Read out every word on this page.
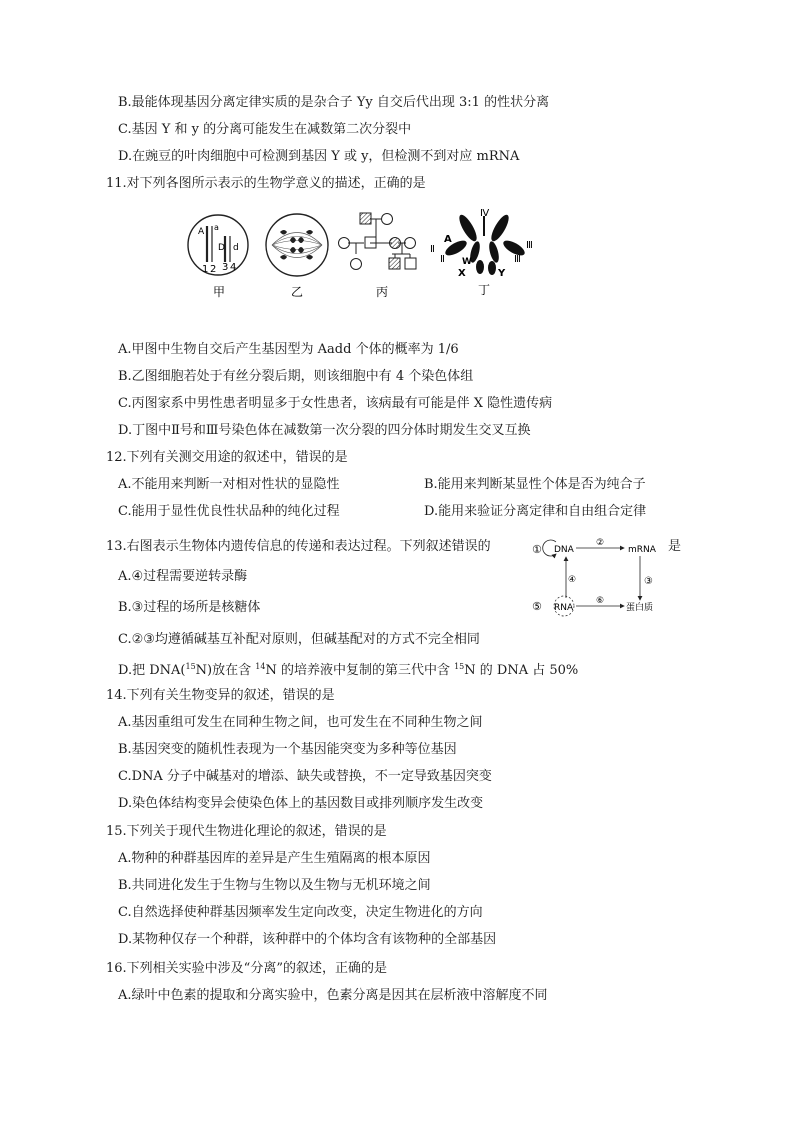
B.最能体现基因分离定律实质的是杂合子 Yy 自交后代出现 3:1 的性状分离
C.基因 Y 和 y 的分离可能发生在减数第二次分裂中
D.在豌豆的叶肉细胞中可检测到基因 Y 或 y，但检测不到对应 mRNA
11.对下列各图所示表示的生物学意义的描述，正确的是
A a
D d
1 2 3 4
甲	乙	丙
Ⅳ
Ⅱ
Ⅱ
Ⅲ
Ⅲ
A
a
W
X	Y
丁
A.甲图中生物自交后产生基因型为 Aadd 个体的概率为 1/6
B.乙图细胞若处于有丝分裂后期，则该细胞中有 4 个染色体组
C.丙图家系中男性患者明显多于女性患者，该病最有可能是伴 X 隐性遗传病
D.丁图中Ⅱ号和Ⅲ号染色体在减数第一次分裂的四分体时期发生交叉互换
12.下列有关测交用途的叙述中，错误的是
A.不能用来判断一对相对性状的显隐性	B.能用来判断某显性个体是否为纯合子
C.能用于显性优良性状品种的纯化过程	D.能用来验证分离定律和自由组合定律
13.右图表示生物体内遗传信息的传递和表达过程。下列叙述错误的	是
① DNA
②
mRNA
③
④
⑤ RNA
⑥
蛋白质
A.④过程需要逆转录酶
B.③过程的场所是核糖体
C.②③均遵循碱基互补配对原则，但碱基配对的方式不完全相同
D.把 DNA($^{15}$N)放在含 $^{14}$N 的培养液中复制的第三代中含 $^{15}$N 的 DNA 占 50%
14.下列有关生物变异的叙述，错误的是
A.基因重组可发生在同种生物之间，也可发生在不同种生物之间
B.基因突变的随机性表现为一个基因能突变为多种等位基因
C.DNA 分子中碱基对的增添、缺失或替换，不一定导致基因突变
D.染色体结构变异会使染色体上的基因数目或排列顺序发生改变
15.下列关于现代生物进化理论的叙述，错误的是
A.物种的种群基因库的差异是产生生殖隔离的根本原因
B.共同进化发生于生物与生物以及生物与无机环境之间
C.自然选择使种群基因频率发生定向改变，决定生物进化的方向
D.某物种仅存一个种群，该种群中的个体均含有该物种的全部基因
16.下列相关实验中涉及“分离”的叙述，正确的是
A.绿叶中色素的提取和分离实验中，色素分离是因其在层析液中溶解度不同
